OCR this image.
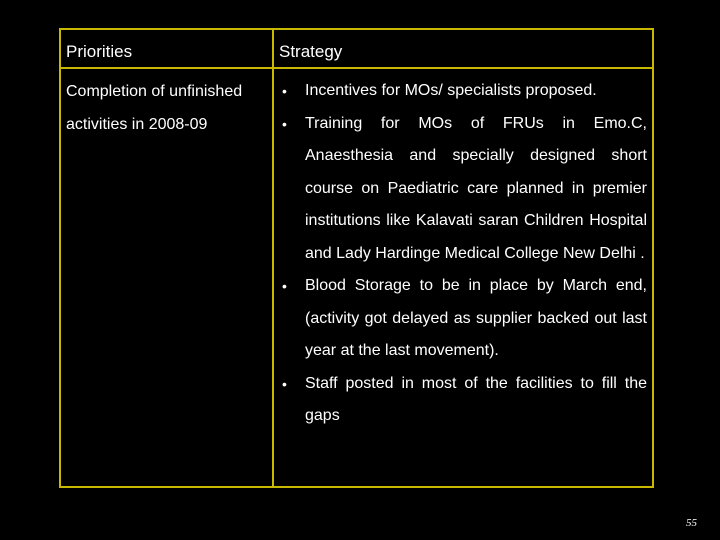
Priorities	Strategy
Completion of unfinished activities in 2008-09
• Incentives for MOs/ specialists proposed.
• Training for MOs of FRUs in Emo.C, Anaesthesia and specially designed short course on Paediatric care planned in premier institutions like Kalavati saran Children Hospital and Lady Hardinge Medical College New Delhi .
• Blood Storage to be in place by March end, (activity got delayed as supplier backed out last year at the last movement).
• Staff posted in most of the facilities to fill the gaps
55
